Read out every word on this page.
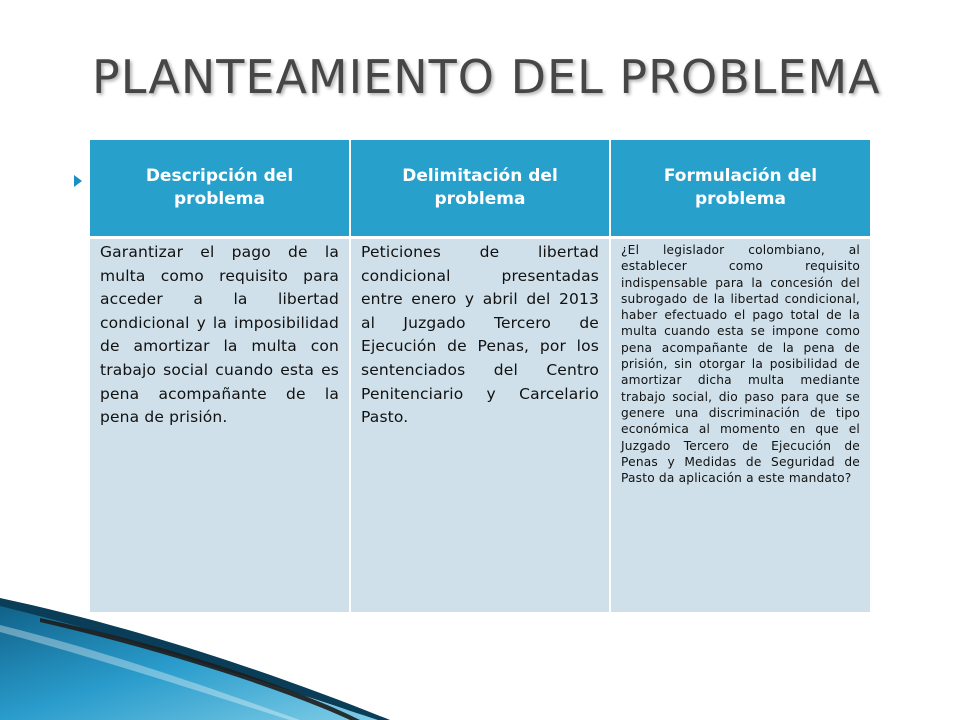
PLANTEAMIENTO DEL PROBLEMA
Descripción del problema	Delimitación del problema	Formulación del problema

Garantizar el pago de la multa como requisito para acceder a la libertad condicional y la imposibilidad de amortizar la multa con trabajo social cuando esta es pena acompañante de la pena de prisión.	Peticiones de libertad condicional presentadas entre enero y abril del 2013 al Juzgado Tercero de Ejecución de Penas, por los sentenciados del Centro Penitenciario y Carcelario Pasto.	¿El legislador colombiano, al establecer como requisito indispensable para la concesión del subrogado de la libertad condicional, haber efectuado el pago total de la multa cuando esta se impone como pena acompañante de la pena de prisión, sin otorgar la posibilidad de amortizar dicha multa mediante trabajo social, dio paso para que se genere una discriminación de tipo económica al momento en que el Juzgado Tercero de Ejecución de Penas y Medidas de Seguridad de Pasto da aplicación a este mandato?
